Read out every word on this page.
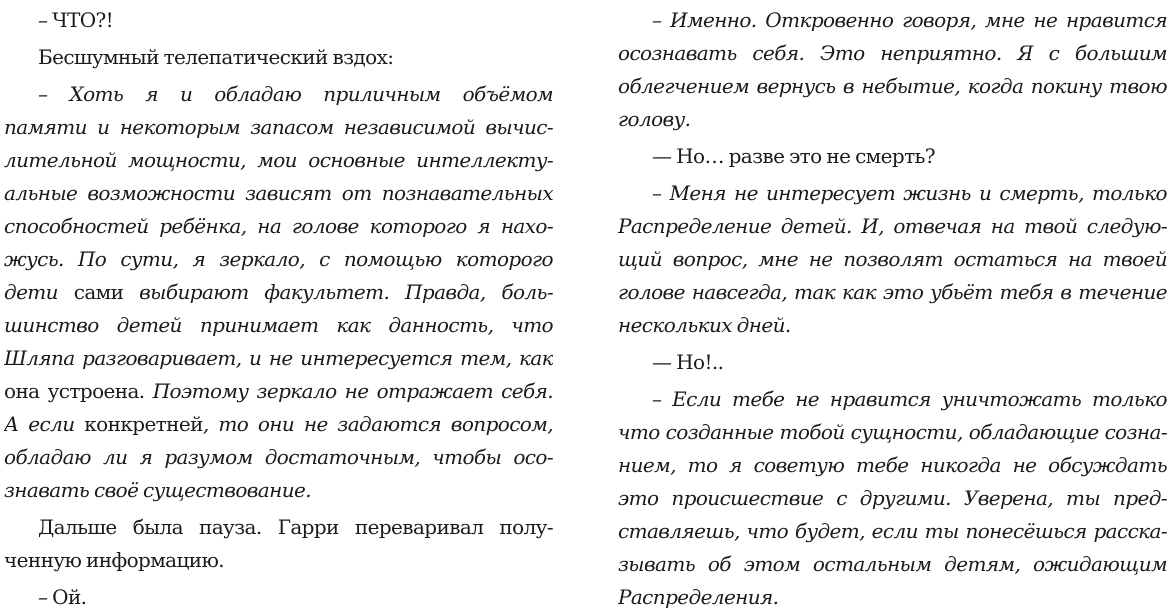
– ЧТО?!
Бесшумный телепатический вздох:
– Хоть я и обладаю приличным объёмом
памяти и некоторым запасом независимой вычис-
лительной мощности, мои основные интеллекту-
альные возможности зависят от познавательных
способностей ребёнка, на голове которого я нахо-
жусь. По сути, я зеркало, с помощью которого
дети сами выбирают факультет. Правда, боль-
шинство детей принимает как данность, что
Шляпа разговаривает, и не интересуется тем, как
она устроена. Поэтому зеркало не отражает себя.
А если конкретней, то они не задаются вопросом,
обладаю ли я разумом достаточным, чтобы осо-
знавать своё существование.
Дальше была пауза. Гарри переваривал полу-
ченную информацию.
– Ой.
– Именно. Откровенно говоря, мне не нравится
осознавать себя. Это неприятно. Я с большим
облегчением вернусь в небытие, когда покину твою
голову.
— Но… разве это не смерть?
– Меня не интересует жизнь и смерть, только
Распределение детей. И, отвечая на твой следую-
щий вопрос, мне не позволят остаться на твоей
голове навсегда, так как это убьёт тебя в течение
нескольких дней.
— Но!..
– Если тебе не нравится уничтожать только
что созданные тобой сущности, обладающие созна-
нием, то я советую тебе никогда не обсуждать
это происшествие с другими. Уверена, ты пред-
ставляешь, что будет, если ты понесёшься расска-
зывать об этом остальным детям, ожидающим
Распределения.
